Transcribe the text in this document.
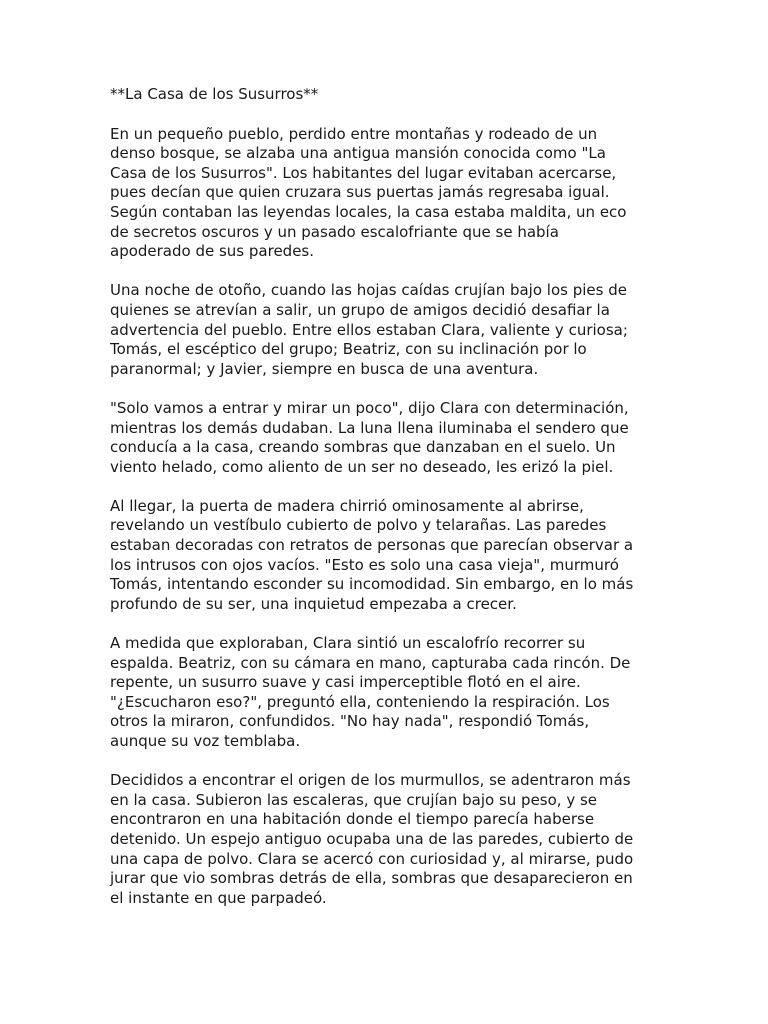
**La Casa de los Susurros**
En un pequeño pueblo, perdido entre montañas y rodeado de un
denso bosque, se alzaba una antigua mansión conocida como "La
Casa de los Susurros". Los habitantes del lugar evitaban acercarse,
pues decían que quien cruzara sus puertas jamás regresaba igual.
Según contaban las leyendas locales, la casa estaba maldita, un eco
de secretos oscuros y un pasado escalofriante que se había
apoderado de sus paredes.
Una noche de otoño, cuando las hojas caídas crujían bajo los pies de
quienes se atrevían a salir, un grupo de amigos decidió desafiar la
advertencia del pueblo. Entre ellos estaban Clara, valiente y curiosa;
Tomás, el escéptico del grupo; Beatriz, con su inclinación por lo
paranormal; y Javier, siempre en busca de una aventura.
"Solo vamos a entrar y mirar un poco", dijo Clara con determinación,
mientras los demás dudaban. La luna llena iluminaba el sendero que
conducía a la casa, creando sombras que danzaban en el suelo. Un
viento helado, como aliento de un ser no deseado, les erizó la piel.
Al llegar, la puerta de madera chirrió ominosamente al abrirse,
revelando un vestíbulo cubierto de polvo y telarañas. Las paredes
estaban decoradas con retratos de personas que parecían observar a
los intrusos con ojos vacíos. "Esto es solo una casa vieja", murmuró
Tomás, intentando esconder su incomodidad. Sin embargo, en lo más
profundo de su ser, una inquietud empezaba a crecer.
A medida que exploraban, Clara sintió un escalofrío recorrer su
espalda. Beatriz, con su cámara en mano, capturaba cada rincón. De
repente, un susurro suave y casi imperceptible flotó en el aire.
"¿Escucharon eso?", preguntó ella, conteniendo la respiración. Los
otros la miraron, confundidos. "No hay nada", respondió Tomás,
aunque su voz temblaba.
Decididos a encontrar el origen de los murmullos, se adentraron más
en la casa. Subieron las escaleras, que crujían bajo su peso, y se
encontraron en una habitación donde el tiempo parecía haberse
detenido. Un espejo antiguo ocupaba una de las paredes, cubierto de
una capa de polvo. Clara se acercó con curiosidad y, al mirarse, pudo
jurar que vio sombras detrás de ella, sombras que desaparecieron en
el instante en que parpadeó.
